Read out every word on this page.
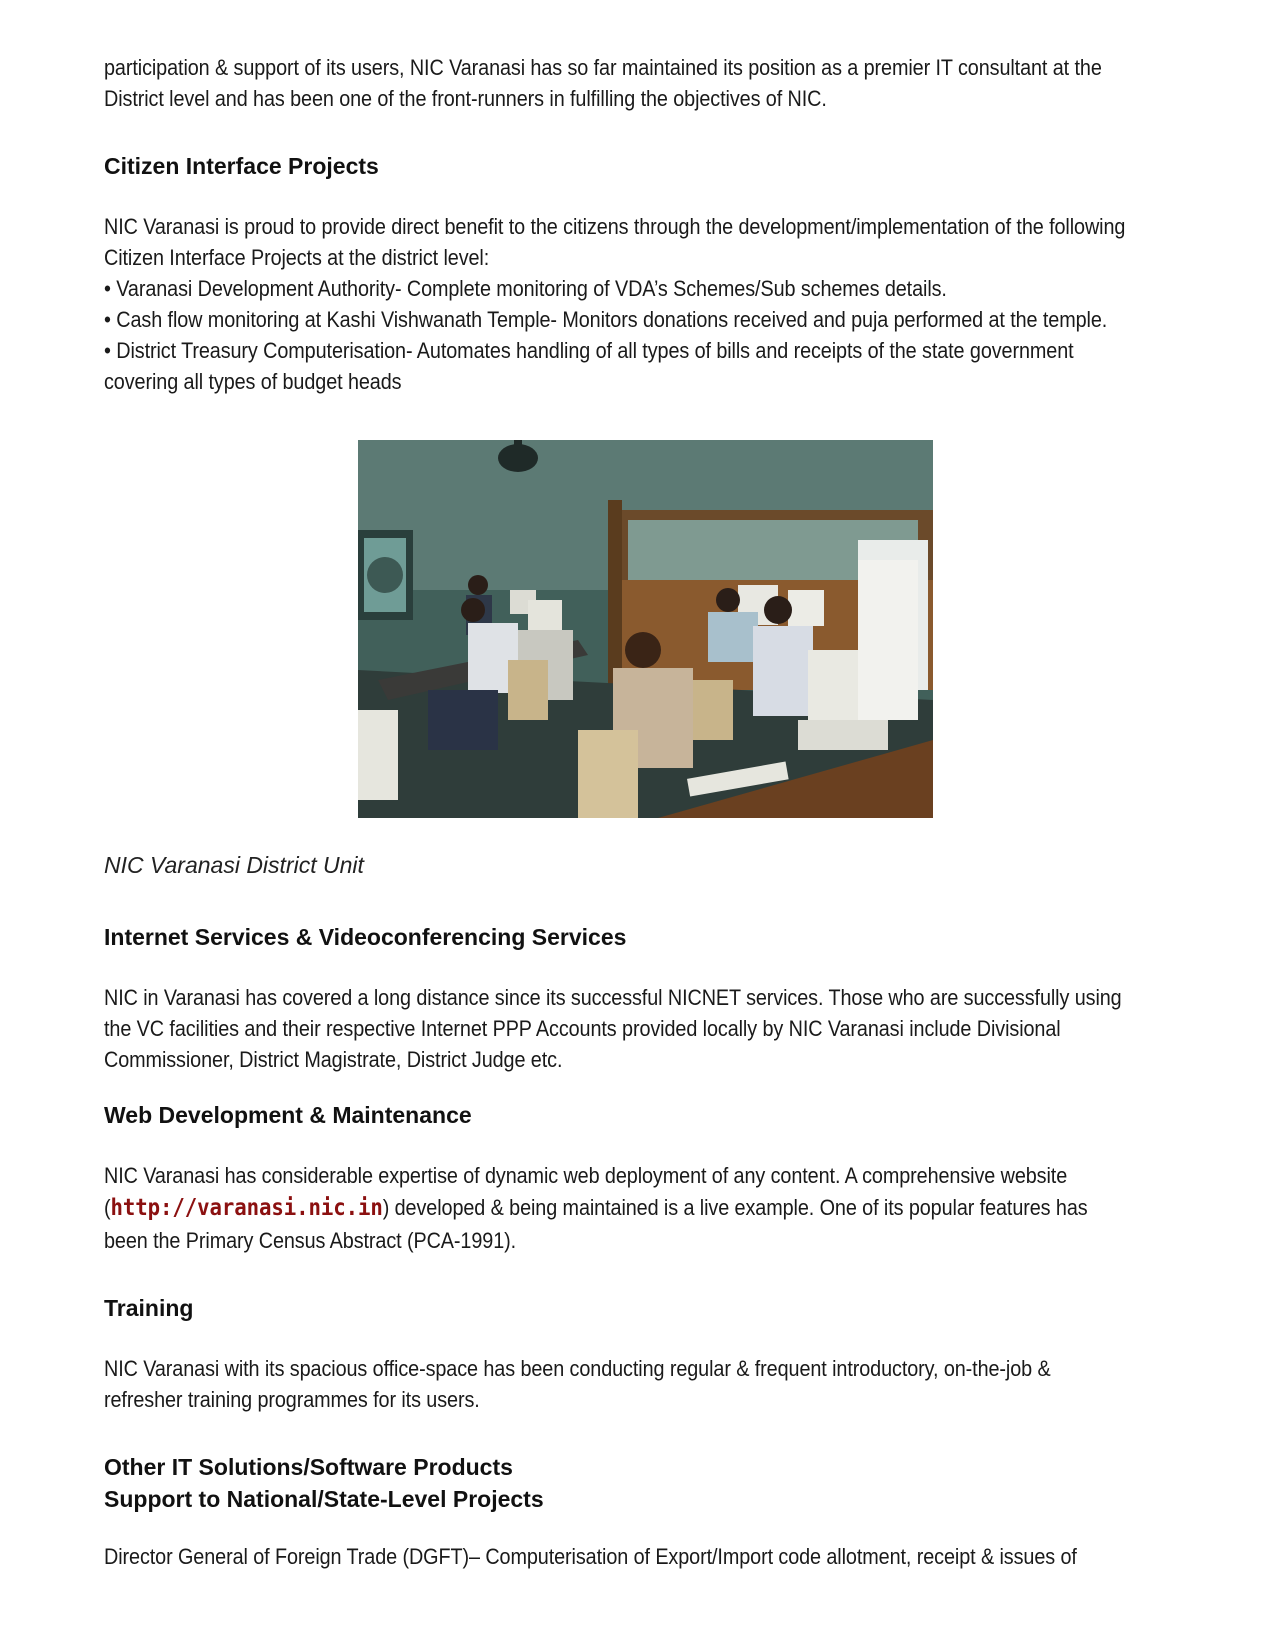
participation & support of its users, NIC Varanasi has so far maintained its position as a premier IT consultant at the

District level and has been one of the front-runners in fulfilling the objectives of NIC.

Citizen Interface Projects

NIC Varanasi is proud to provide direct benefit to the citizens through the development/implementation of the following

Citizen Interface Projects at the district level:

• Varanasi Development Authority- Complete monitoring of VDA’s Schemes/Sub schemes details.

• Cash flow monitoring at Kashi Vishwanath Temple- Monitors donations received and puja performed at the temple.

• District Treasury Computerisation- Automates handling of all types of bills and receipts of the state government

covering all types of budget heads

NIC Varanasi District Unit

Internet Services & Videoconferencing Services

NIC in Varanasi has covered a long distance since its successful NICNET services. Those who are successfully using

the VC facilities and their respective Internet PPP Accounts provided locally by NIC Varanasi include Divisional

Commissioner, District Magistrate, District Judge etc.

Web Development & Maintenance

NIC Varanasi has considerable expertise of dynamic web deployment of any content. A comprehensive website

(http://varanasi.nic.in) developed & being maintained is a live example. One of its popular features has

been the Primary Census Abstract (PCA-1991).

Training

NIC Varanasi with its spacious office-space has been conducting regular & frequent introductory, on-the-job &

refresher training programmes for its users.

Other IT Solutions/Software Products
Support to National/State-Level Projects

Director General of Foreign Trade (DGFT)– Computerisation of Export/Import code allotment, receipt & issues of
